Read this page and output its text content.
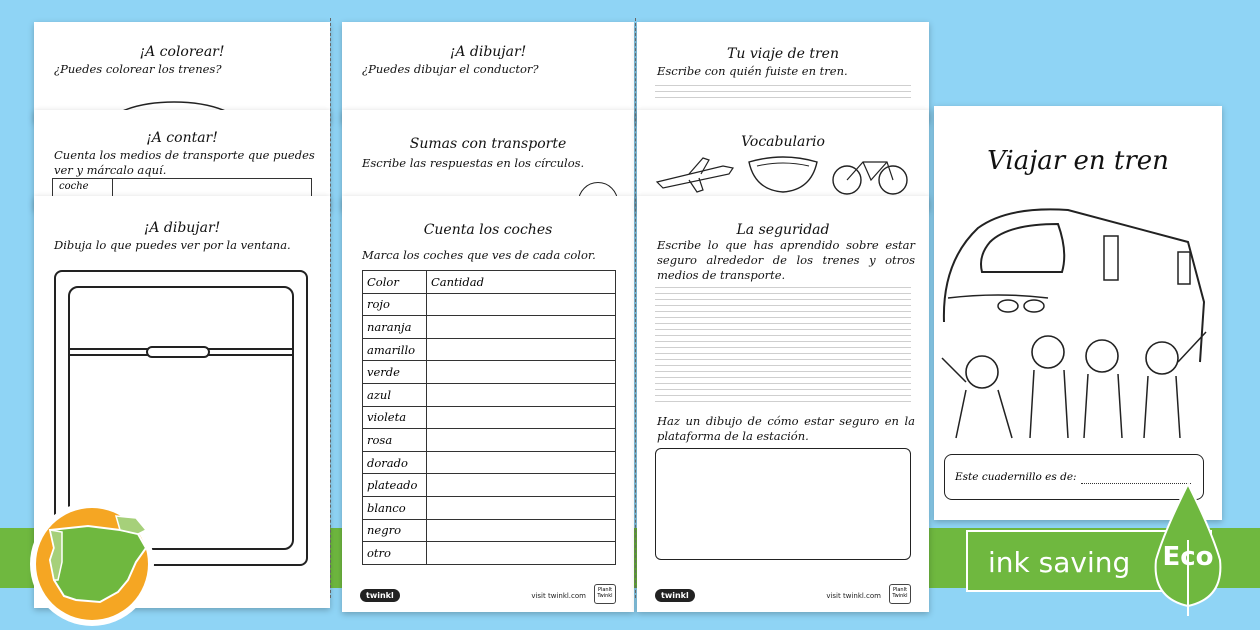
¡A colorear!
¿Puedes colorear los trenes?
¡A dibujar!
¿Puedes dibujar el conductor?
Tu viaje de tren
Escribe con quién fuiste en tren.
¡A contar!
Cuenta los medios de transporte que puedes ver y márcalo aquí.
coche
Sumas con transporte
Escribe las respuestas en los círculos.
Vocabulario
¡A dibujar!
Dibuja lo que puedes ver por la ventana.
Cuenta los coches
Marca los coches que ves de cada color.
Color	Cantidad
rojo	
naranja	
amarillo	
verde	
azul	
violeta	
rosa	
dorado	
plateado	
blanco	
negro	
otro	
twinkl	visit twinkl.com
PlanIt Twinkl
La seguridad
Escribe lo que has aprendido sobre estar seguro alrededor de los trenes y otros medios de transporte.
Haz un dibujo de cómo estar seguro en la plataforma de la estación.
twinkl	visit twinkl.com
PlanIt Twinkl
Viajar en tren
Este cuadernillo es de:
ink saving	Eco
